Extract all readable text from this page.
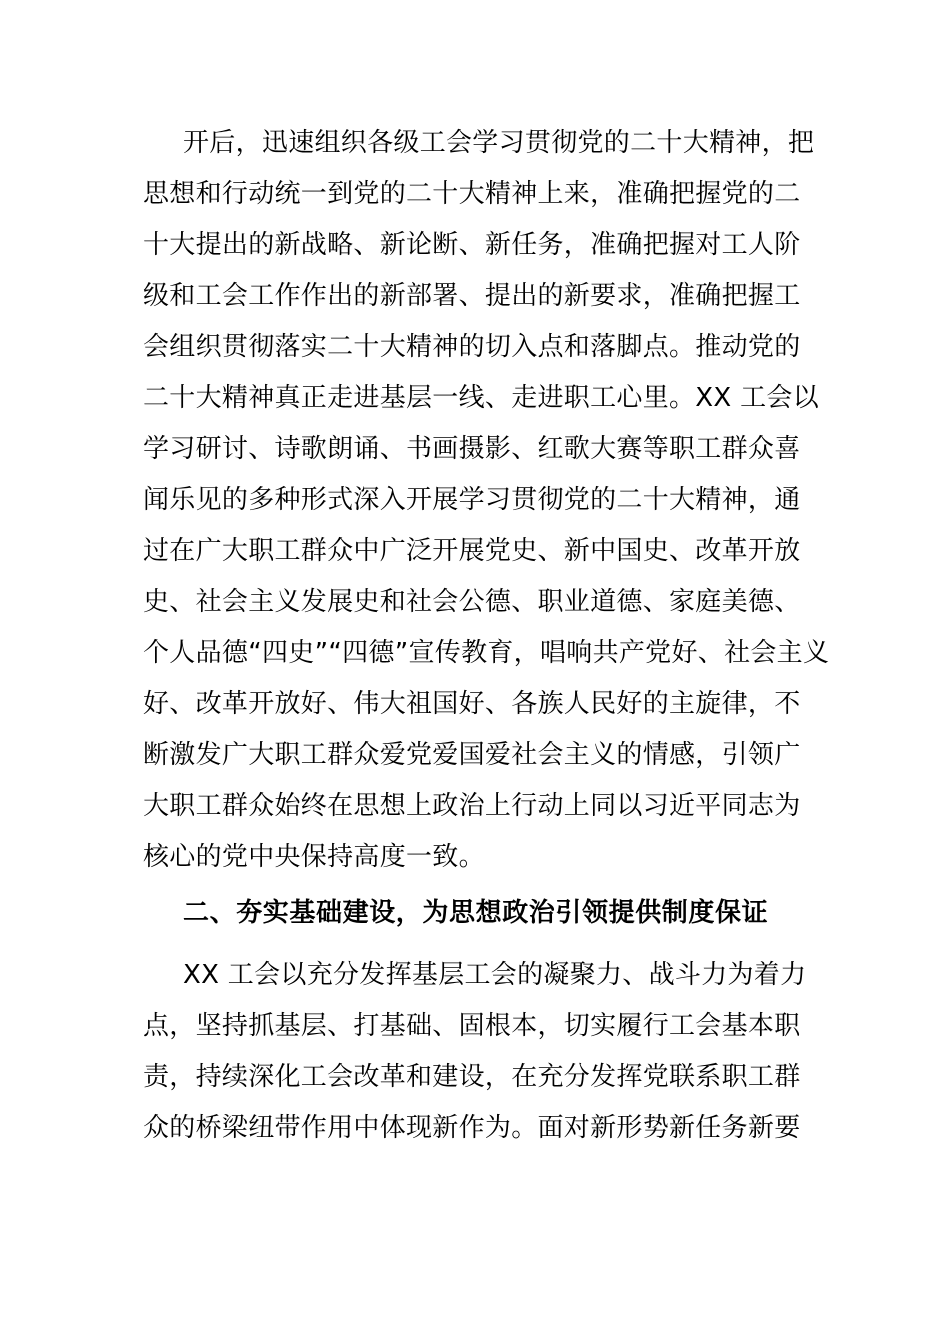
开后，迅速组织各级工会学习贯彻党的二十大精神，把
思想和行动统一到党的二十大精神上来，准确把握党的二
十大提出的新战略、新论断、新任务，准确把握对工人阶
级和工会工作作出的新部署、提出的新要求，准确把握工
会组织贯彻落实二十大精神的切入点和落脚点。推动党的
二十大精神真正走进基层一线、走进职工心里。XX 工会以
学习研讨、诗歌朗诵、书画摄影、红歌大赛等职工群众喜
闻乐见的多种形式深入开展学习贯彻党的二十大精神，通
过在广大职工群众中广泛开展党史、新中国史、改革开放
史、社会主义发展史和社会公德、职业道德、家庭美德、
个人品德“四史”“四德”宣传教育，唱响共产党好、社会主义
好、改革开放好、伟大祖国好、各族人民好的主旋律，不
断激发广大职工群众爱党爱国爱社会主义的情感，引领广
大职工群众始终在思想上政治上行动上同以习近平同志为
核心的党中央保持高度一致。
二、夯实基础建设，为思想政治引领提供制度保证
XX 工会以充分发挥基层工会的凝聚力、战斗力为着力
点，坚持抓基层、打基础、固根本，切实履行工会基本职
责，持续深化工会改革和建设，在充分发挥党联系职工群
众的桥梁纽带作用中体现新作为。面对新形势新任务新要
